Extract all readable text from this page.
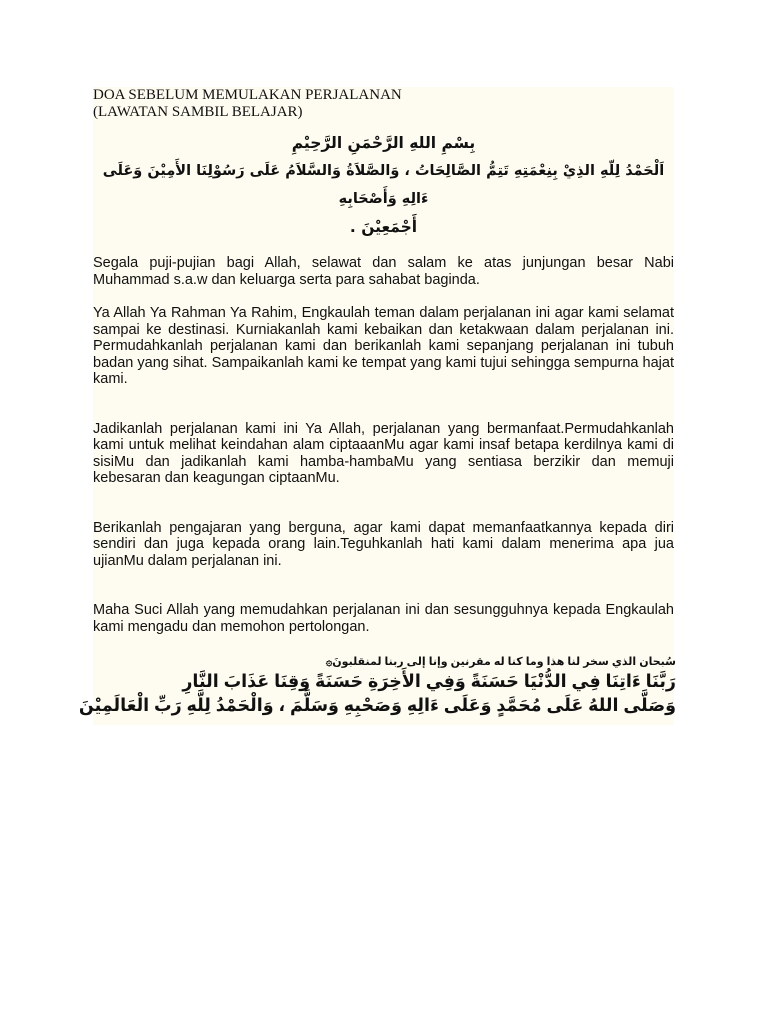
DOA SEBELUM MEMULAKAN PERJALANAN
(LAWATAN SAMBIL BELAJAR)
بِسْمِ اللهِ الرَّحْمَنِ الرَّحِيْمِ
اَلْحَمْدُ لِلّهِ الذِيْ بِنِعْمَتِهِ تَتِمُّ الصَّالِحَاتُ ، وَالصَّلاَةُ وَالسَّلاَمُ عَلَى رَسُوْلِنَا الأَمِيْنَ وَعَلَى ءَالِهِ وَأَصْحَابِهِ
أَجْمَعِيْنَ .

Segala puji-pujian bagi Allah, selawat dan salam ke atas junjungan besar Nabi Muhammad s.a.w dan keluarga serta para sahabat baginda.

Ya Allah Ya Rahman Ya Rahim, Engkaulah teman dalam perjalanan ini agar kami selamat sampai ke destinasi. Kurniakanlah kami kebaikan dan ketakwaan dalam perjalanan ini. Permudahkanlah perjalanan kami dan berikanlah kami sepanjang perjalanan ini tubuh badan yang sihat. Sampaikanlah kami ke tempat yang kami tujui sehingga sempurna hajat kami.

Jadikanlah perjalanan kami ini Ya Allah, perjalanan yang bermanfaat.Permudahkanlah kami untuk melihat keindahan alam ciptaaanMu agar kami insaf betapa kerdilnya kami di sisiMu dan jadikanlah kami hamba-hambaMu yang sentiasa berzikir dan memuji kebesaran dan keagungan ciptaanMu.

Berikanlah pengajaran yang berguna, agar kami dapat memanfaatkannya kepada diri sendiri dan juga kepada orang lain.Teguhkanlah hati kami dalam menerima apa jua ujianMu dalam perjalanan ini.

Maha Suci Allah yang memudahkan perjalanan ini dan sesungguhnya kepada Engkaulah kami mengadu dan memohon pertolongan.

سُبحان الذي سخر لنا هذا وما كنا له مقرنين وإنا إلى ربنا لمنقلبونَ۞
رَبَّنَا ءَاتِنَا فِي الدُّنْيَا حَسَنَةً وَفِي الأَخِرَةِ حَسَنَةً وَقِنَا عَذَابَ النَّارِ
وَصَلَّى اللهُ عَلَى مُحَمَّدٍ وَعَلَى ءَالِهِ وَصَحْبِهِ وَسَلَّمَ ، وَالْحَمْدُ لِلَّهِ رَبِّ الْعَالَمِيْنَ
